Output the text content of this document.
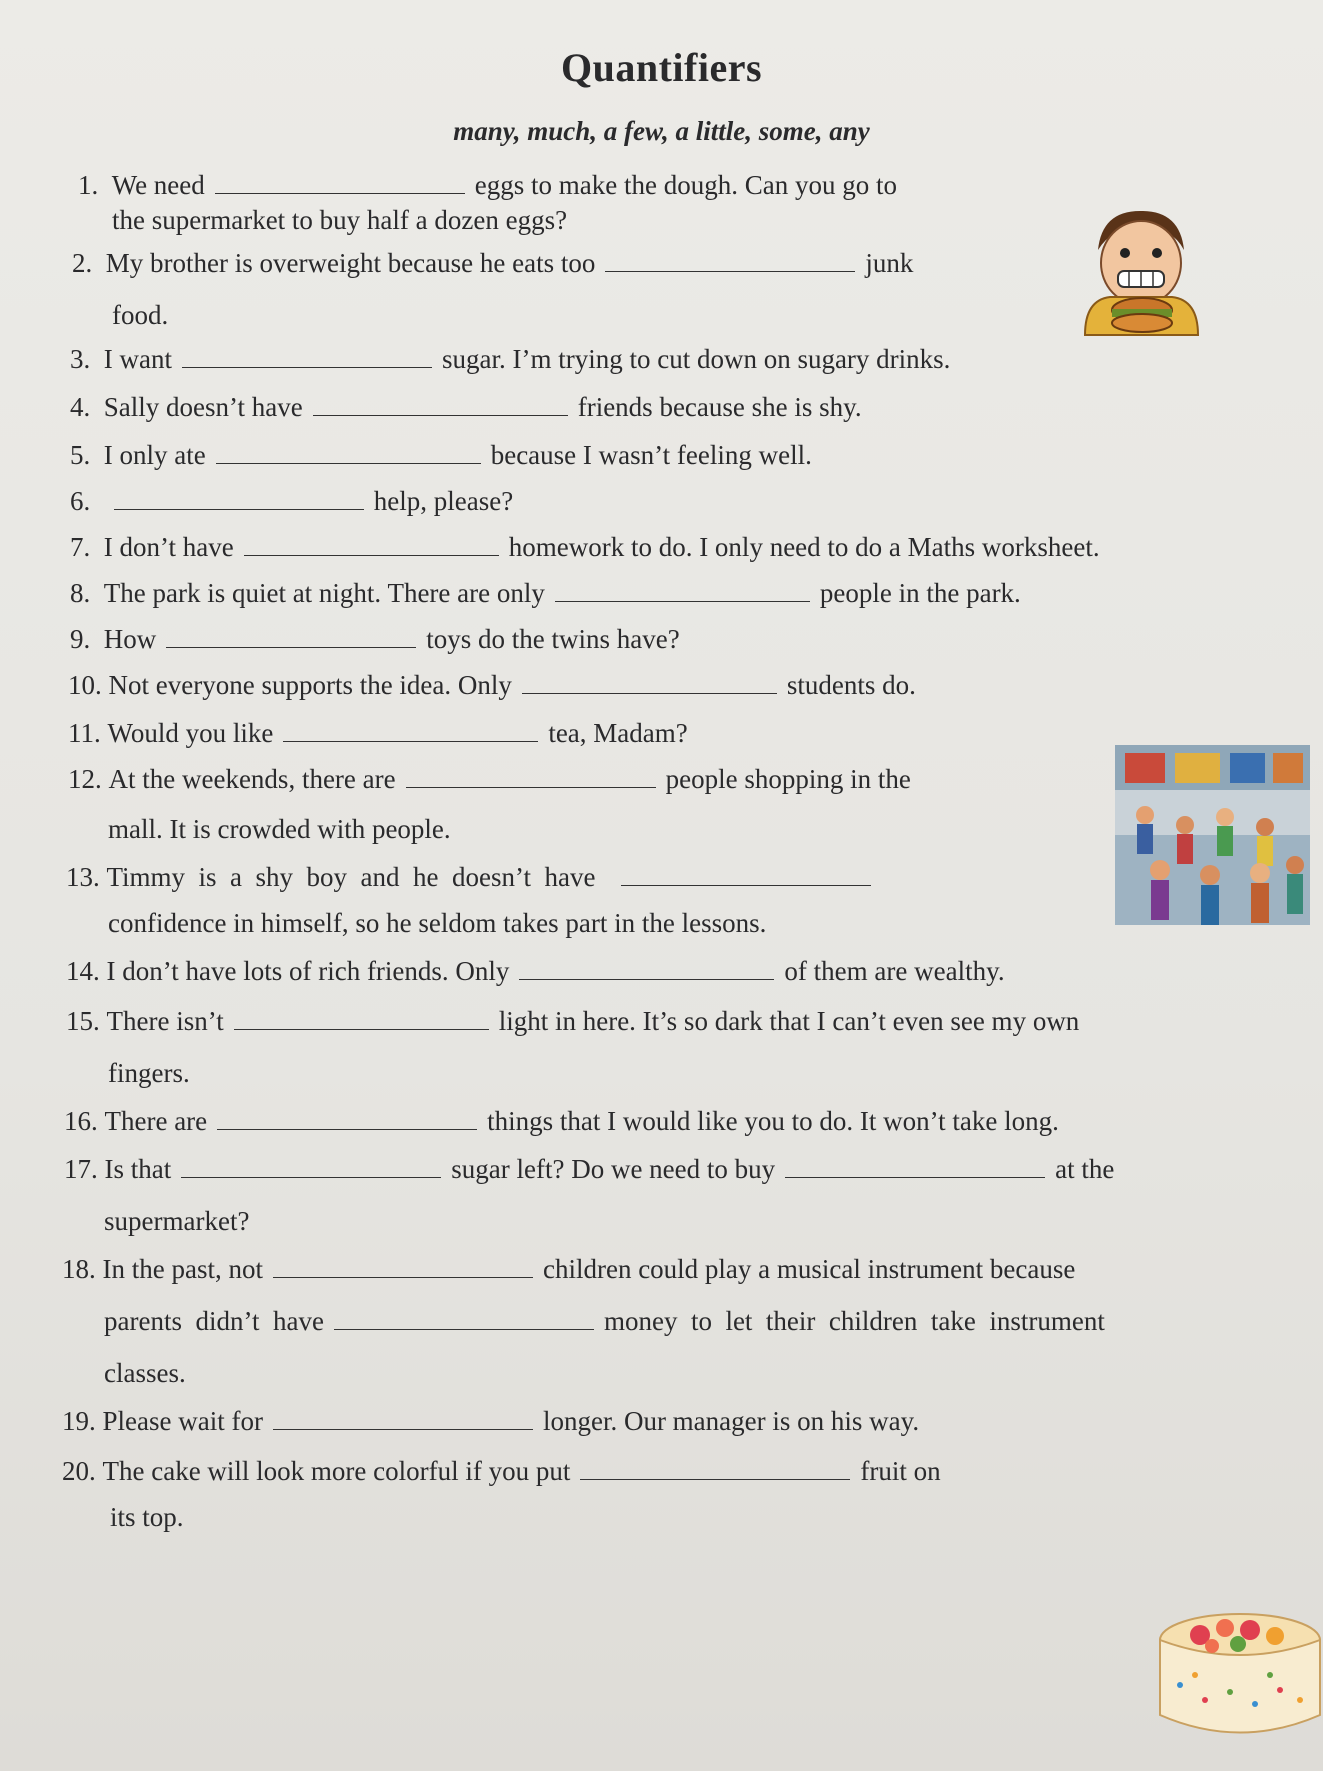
Quantifiers
many, much, a few, a little, some, any
1. We need	eggs to make the dough. Can you go to
the supermarket to buy half a dozen eggs?
2. My brother is overweight because he eats too	junk
food.
3. I want	sugar. I’m trying to cut down on sugary drinks.
4. Sally doesn’t have	friends because she is shy.
5. I only ate	because I wasn’t feeling well.
6.	help, please?
7. I don’t have	homework to do. I only need to do a Maths worksheet.
8. The park is quiet at night. There are only	people in the park.
9. How	toys do the twins have?
10. Not everyone supports the idea. Only	students do.
11. Would you like	tea, Madam?
12. At the weekends, there are	people shopping in the
mall. It is crowded with people.
13. Timmy  is  a  shy  boy  and  he  doesn’t  have
confidence in himself, so he seldom takes part in the lessons.
14. I don’t have lots of rich friends. Only	of them are wealthy.
15. There isn’t	light in here. It’s so dark that I can’t even see my own
fingers.
16. There are	things that I would like you to do. It won’t take long.
17. Is that	sugar left? Do we need to buy	at the
supermarket?
18. In the past, not	children could play a musical instrument because
parents  didn’t  have	money  to  let  their  children  take  instrument
classes.
19. Please wait for	longer. Our manager is on his way.
20. The cake will look more colorful if you put	fruit on
its top.
